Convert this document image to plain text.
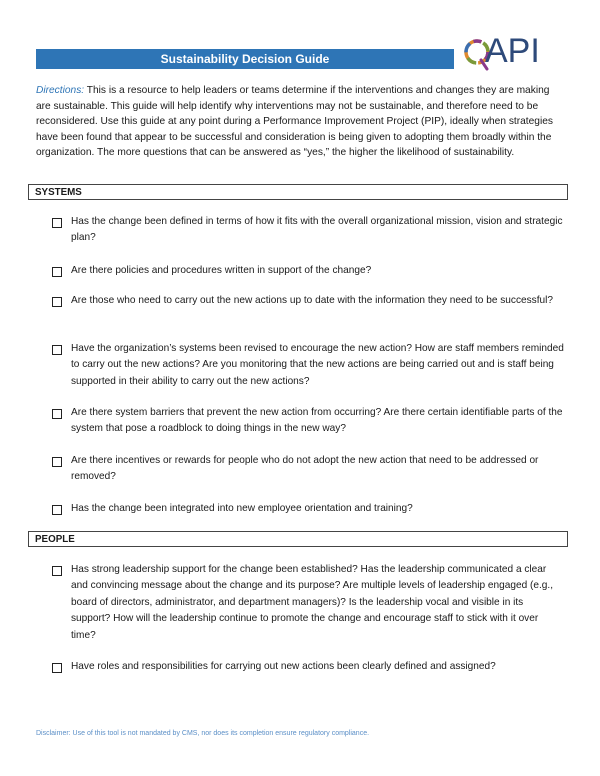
Sustainability Decision Guide	API
Directions: This is a resource to help leaders or teams determine if the interventions and changes they are making are sustainable. This guide will help identify why interventions may not be sustainable, and therefore need to be reconsidered. Use this guide at any point during a Performance Improvement Project (PIP), ideally when strategies have been found that appear to be successful and consideration is being given to adopting them broadly within the organization. The more questions that can be answered as “yes,” the higher the likelihood of sustainability.
SYSTEMS
Has the change been defined in terms of how it fits with the overall organizational mission, vision and strategic plan?
Are there policies and procedures written in support of the change?
Are those who need to carry out the new actions up to date with the information they need to be successful?
Have the organization’s systems been revised to encourage the new action? How are staff members reminded to carry out the new actions? Are you monitoring that the new actions are being carried out and is staff being supported in their ability to carry out the new actions?
Are there system barriers that prevent the new action from occurring? Are there certain identifiable parts of the system that pose a roadblock to doing things in the new way?
Are there incentives or rewards for people who do not adopt the new action that need to be addressed or removed?
Has the change been integrated into new employee orientation and training?
PEOPLE
Has strong leadership support for the change been established? Has the leadership communicated a clear and convincing message about the change and its purpose? Are multiple levels of leadership engaged (e.g., board of directors, administrator, and department managers)? Is the leadership vocal and visible in its support? How will the leadership continue to promote the change and encourage staff to stick with it over time?
Have roles and responsibilities for carrying out new actions been clearly defined and assigned?
Disclaimer: Use of this tool is not mandated by CMS, nor does its completion ensure regulatory compliance.
